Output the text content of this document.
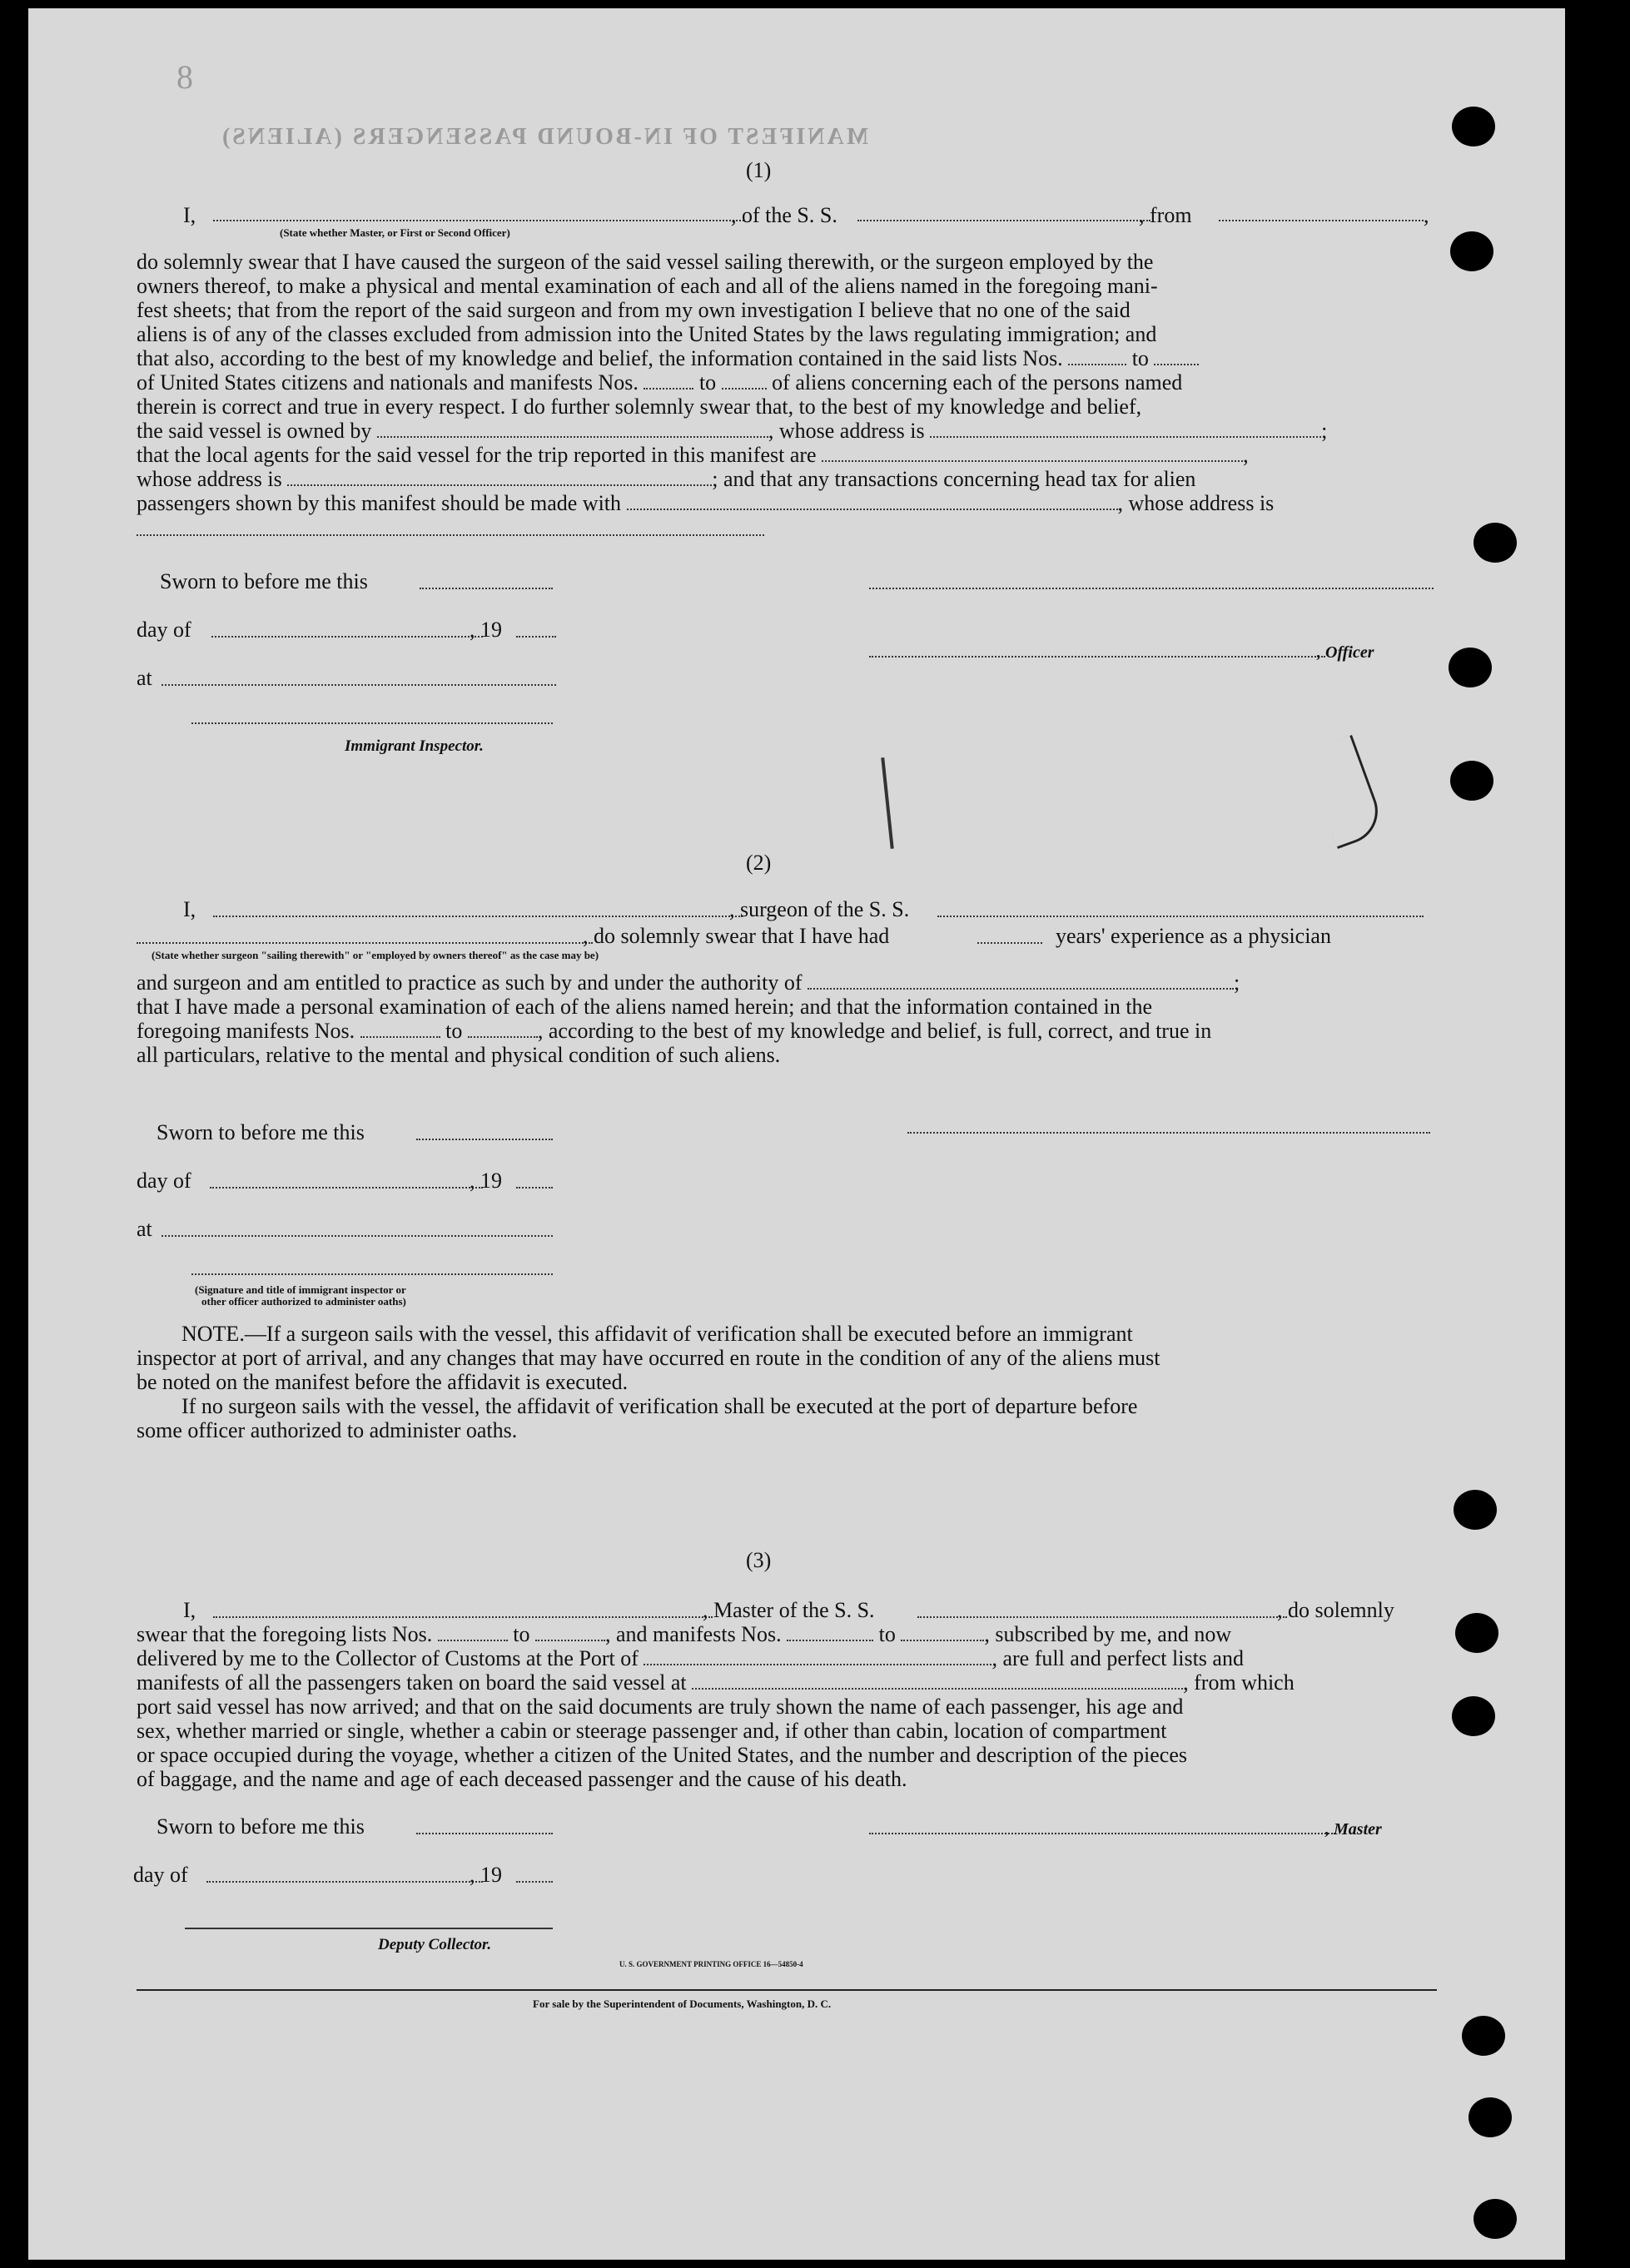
8
MANIFEST OF IN-BOUND PASSENGERS (ALIENS)
(1)
I,	, of the S. S.	, from	,
(State whether Master, or First or Second Officer)
do solemnly swear that I have caused the surgeon of the said vessel sailing therewith, or the surgeon employed by the
owners thereof, to make a physical and mental examination of each and all of the aliens named in the foregoing mani-
fest sheets; that from the report of the said surgeon and from my own investigation I believe that no one of the said
aliens is of any of the classes excluded from admission into the United States by the laws regulating immigration; and
that also, according to the best of my knowledge and belief, the information contained in the said lists Nos.	to
of United States citizens and nationals and manifests Nos.	to	of aliens concerning each of the persons named
therein is correct and true in every respect. I do further solemnly swear that, to the best of my knowledge and belief,
the said vessel is owned by	, whose address is	;
that the local agents for the said vessel for the trip reported in this manifest are	,
whose address is	; and that any transactions concerning head tax for alien
passengers shown by this manifest should be made with	, whose address is
Sworn to before me this
day of	, 19
, Officer
at
Immigrant Inspector.
(2)
I,	, surgeon of the S. S.
, do solemnly swear that I have had	years' experience as a physician
(State whether surgeon "sailing therewith" or "employed by owners thereof" as the case may be)
and surgeon and am entitled to practice as such by and under the authority of	;
that I have made a personal examination of each of the aliens named herein; and that the information contained in the
foregoing manifests Nos.	to	, according to the best of my knowledge and belief, is full, correct, and true in
all particulars, relative to the mental and physical condition of such aliens.
Sworn to before me this
day of	, 19
at
(Signature and title of immigrant inspector or
other officer authorized to administer oaths)
NOTE.—If a surgeon sails with the vessel, this affidavit of verification shall be executed before an immigrant
inspector at port of arrival, and any changes that may have occurred en route in the condition of any of the aliens must
be noted on the manifest before the affidavit is executed.
If no surgeon sails with the vessel, the affidavit of verification shall be executed at the port of departure before
some officer authorized to administer oaths.
(3)
I,	, Master of the S. S.	, do solemnly
swear that the foregoing lists Nos.	to	, and manifests Nos.	to	, subscribed by me, and now
delivered by me to the Collector of Customs at the Port of	, are full and perfect lists and
manifests of all the passengers taken on board the said vessel at	, from which
port said vessel has now arrived; and that on the said documents are truly shown the name of each passenger, his age and
sex, whether married or single, whether a cabin or steerage passenger and, if other than cabin, location of compartment
or space occupied during the voyage, whether a citizen of the United States, and the number and description of the pieces
of baggage, and the name and age of each deceased passenger and the cause of his death.
Sworn to before me this	, Master
day of	, 19
Deputy Collector.
U. S. GOVERNMENT PRINTING OFFICE 16—54850-4
For sale by the Superintendent of Documents, Washington, D. C.
